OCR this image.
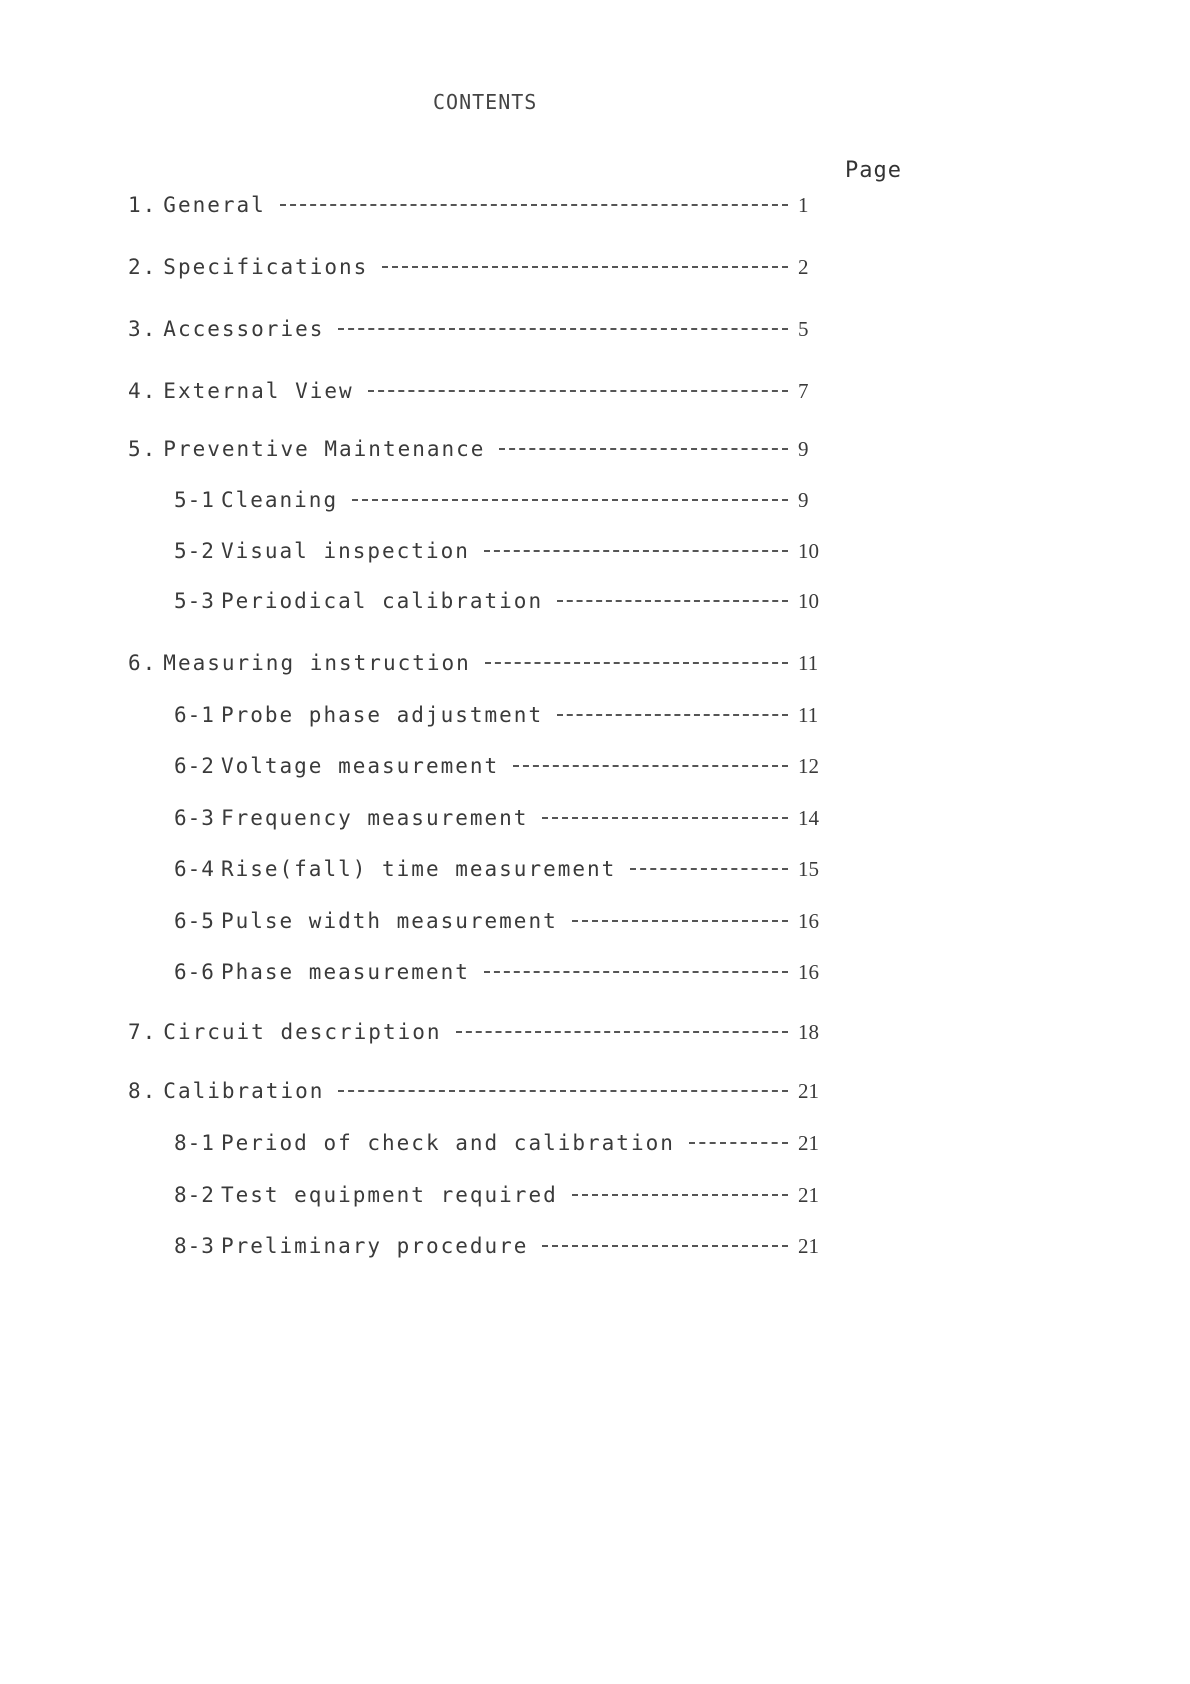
CONTENTS
Page
1. General	1
2. Specifications	2
3. Accessories	5
4. External View	7
5. Preventive Maintenance	9
5-1 Cleaning	9
5-2 Visual inspection	10
5-3 Periodical calibration	10
6. Measuring instruction	11
6-1 Probe phase adjustment	11
6-2 Voltage measurement	12
6-3 Frequency measurement	14
6-4 Rise(fall) time measurement	15
6-5 Pulse width measurement	16
6-6 Phase measurement	16
7. Circuit description	18
8. Calibration	21
8-1 Period of check and calibration	21
8-2 Test equipment required	21
8-3 Preliminary procedure	21
